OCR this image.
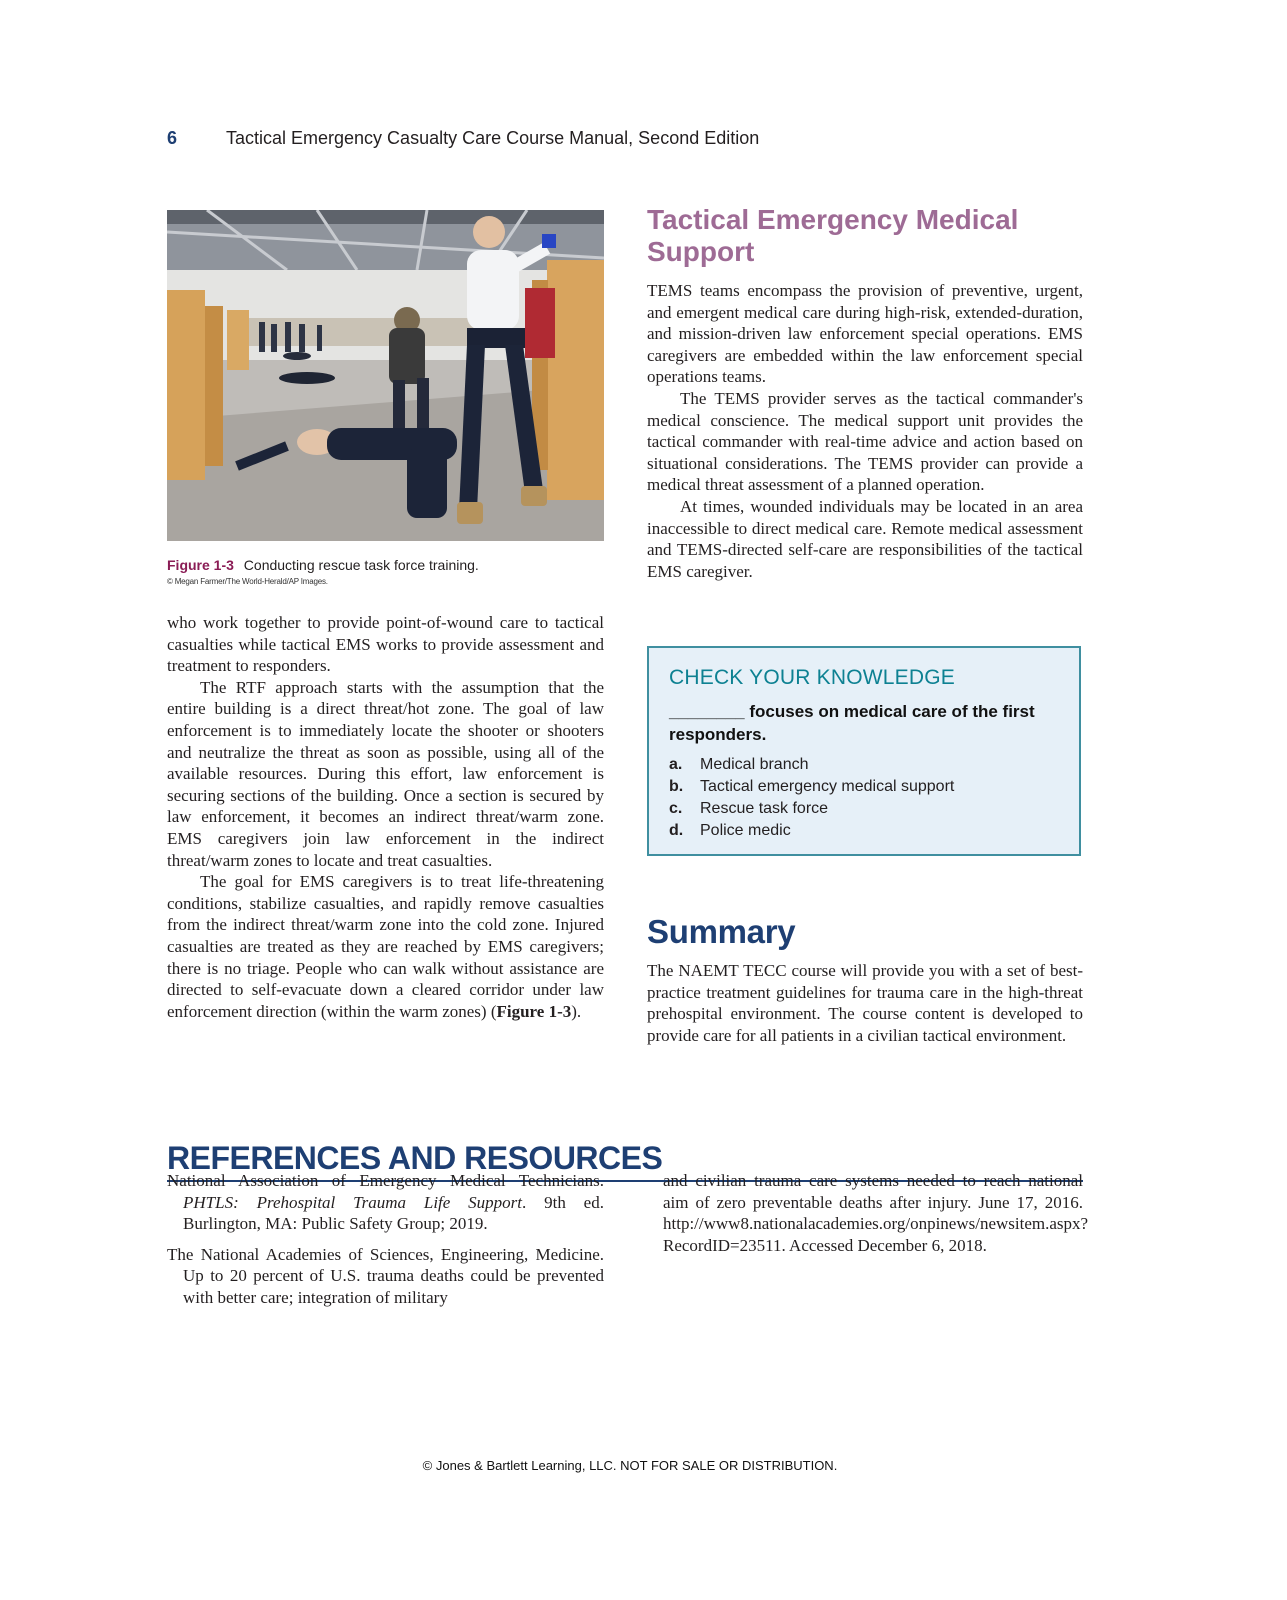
6	Tactical Emergency Casualty Care Course Manual, Second Edition
Figure 1-3 Conducting rescue task force training.
© Megan Farmer/The World-Herald/AP Images.

who work together to provide point-of-wound care to tactical casualties while tactical EMS works to provide assessment and treatment to responders.

The RTF approach starts with the assumption that the entire building is a direct threat/hot zone. The goal of law enforcement is to immediately locate the shooter or shooters and neutralize the threat as soon as possible, using all of the available resources. During this effort, law enforcement is securing sections of the building. Once a section is secured by law enforcement, it becomes an indirect threat/warm zone. EMS caregivers join law enforcement in the indirect threat/warm zones to locate and treat casualties.

The goal for EMS caregivers is to treat life-threatening conditions, stabilize casualties, and rapidly remove casualties from the indirect threat/warm zone into the cold zone. Injured casualties are treated as they are reached by EMS caregivers; there is no triage. People who can walk without assistance are directed to self-evacuate down a cleared corridor under law enforcement direction (within the warm zones) (Figure 1-3).

Tactical Emergency Medical Support

TEMS teams encompass the provision of preventive, urgent, and emergent medical care during high-risk, extended-duration, and mission-driven law enforcement special operations. EMS caregivers are embedded within the law enforcement special operations teams.

The TEMS provider serves as the tactical commander's medical conscience. The medical support unit provides the tactical commander with real-time advice and action based on situational considerations. The TEMS provider can provide a medical threat assessment of a planned operation.

At times, wounded individuals may be located in an area inaccessible to direct medical care. Remote medical assessment and TEMS-directed self-care are responsibilities of the tactical EMS caregiver.

CHECK YOUR KNOWLEDGE
________ focuses on medical care of the first responders.
a.	Medical branch
b.	Tactical emergency medical support
c.	Rescue task force
d.	Police medic
Summary

The NAEMT TECC course will provide you with a set of best-practice treatment guidelines for trauma care in the high-threat prehospital environment. The course content is developed to provide care for all patients in a civilian tactical environment.

REFERENCES AND RESOURCES

National Association of Emergency Medical Technicians. PHTLS: Prehospital Trauma Life Support. 9th ed. Burlington, MA: Public Safety Group; 2019.

The National Academies of Sciences, Engineering, Medicine. Up to 20 percent of U.S. trauma deaths could be prevented with better care; integration of military

and civilian trauma care systems needed to reach national aim of zero preventable deaths after injury. June 17, 2016. http://www8.nationalacademies.org/onpinews/newsitem.aspx?RecordID=23511. Accessed December 6, 2018.

© Jones & Bartlett Learning, LLC. NOT FOR SALE OR DISTRIBUTION.
